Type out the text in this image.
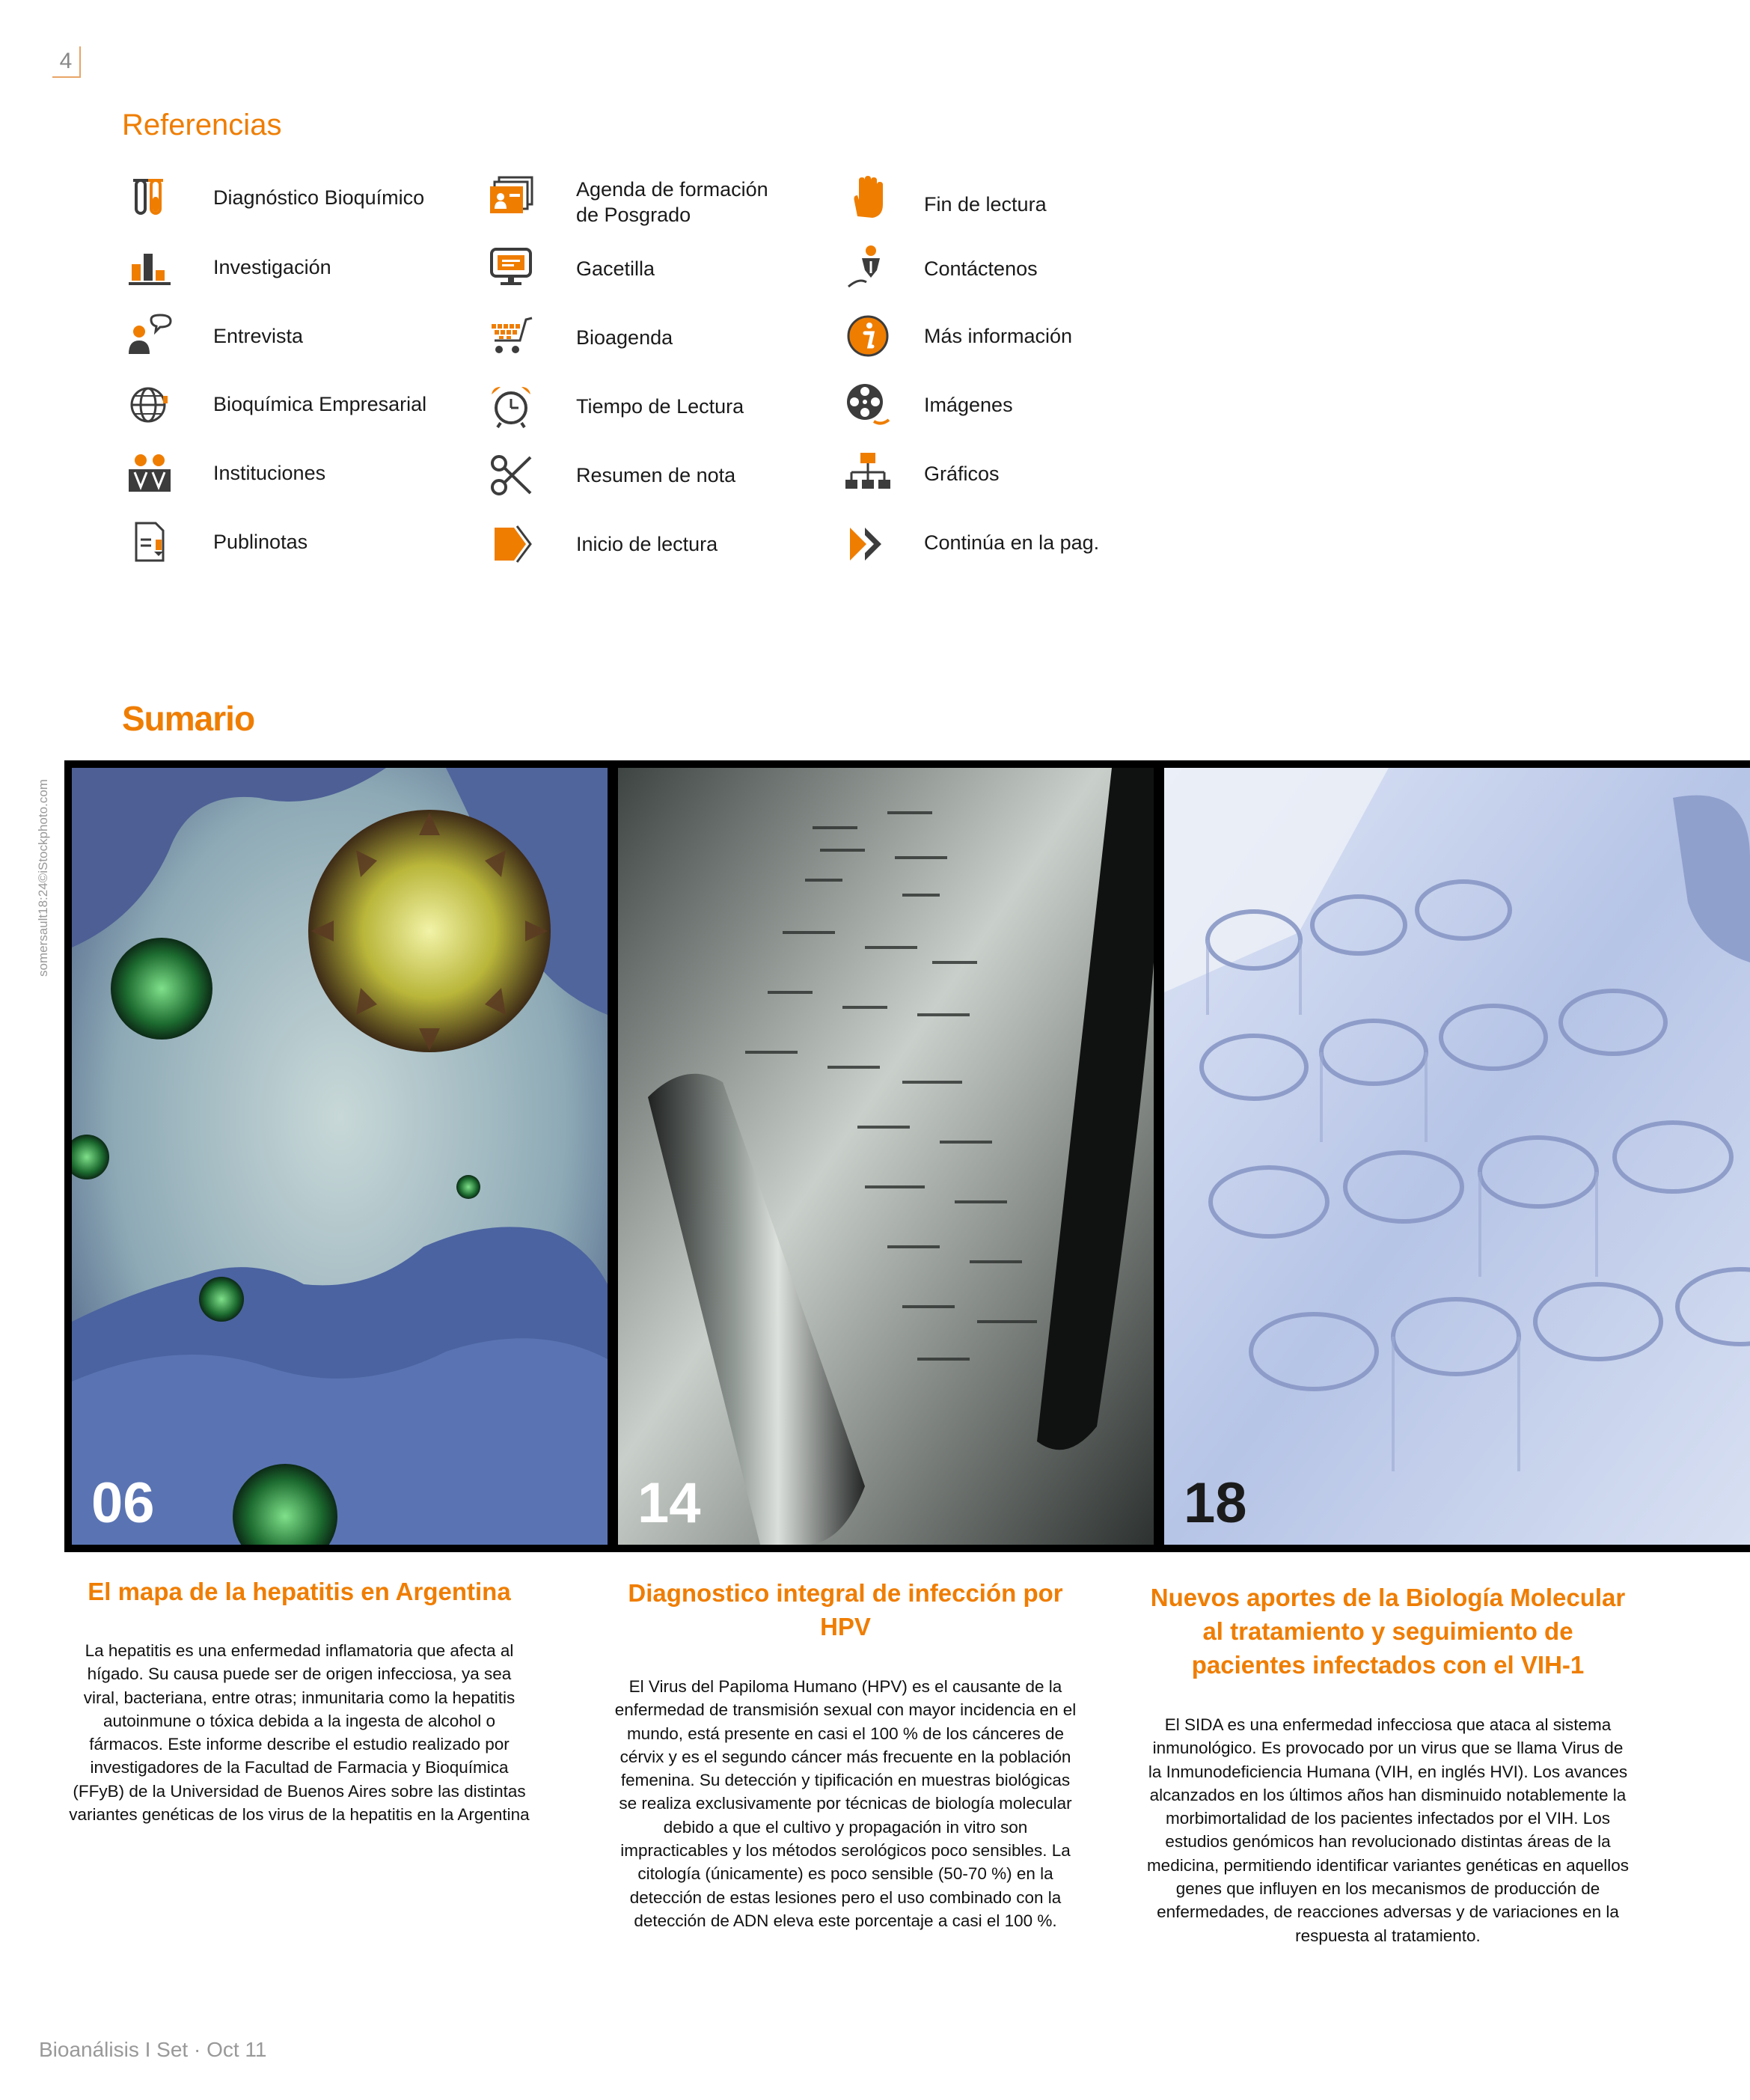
4
Referencias
Diagnóstico Bioquímico
Investigación
Entrevista
Bioquímica Empresarial
Instituciones
Publinotas
Agenda de formación
de Posgrado
Gacetilla
Bioagenda
Tiempo de Lectura
Resumen de nota
Inicio de lectura
Fin de lectura
Contáctenos
Más información
Imágenes
Gráficos
Continúa en la pag.
Sumario
somersault18:24©iStockphoto.com
06	14	18
El mapa de la hepatitis en Argentina
La hepatitis es una enfermedad inflamatoria que afecta al hígado. Su causa puede ser de origen infecciosa, ya sea viral, bacteriana, entre otras; inmunitaria como la hepatitis autoinmune o tóxica debida a la ingesta de alcohol o fármacos. Este informe describe el estudio realizado por investigadores de la Facultad de Farmacia y Bioquímica (FFyB) de la Universidad de Buenos Aires sobre las distintas variantes genéticas de los virus de la hepatitis en la Argentina
Diagnostico integral de infección por HPV
El Virus del Papiloma Humano (HPV) es el causante de la enfermedad de transmisión sexual con mayor incidencia en el mundo, está presente en casi el 100 % de los cánceres de cérvix y es el segundo cáncer más frecuente en la población femenina. Su detección y tipificación en muestras biológicas se realiza exclusivamente por técnicas de biología molecular debido a que el cultivo y propagación in vitro son impracticables y los métodos serológicos poco sensibles. La citología (únicamente) es poco sensible (50-70 %) en la detección de estas lesiones pero el uso combinado con la detección de ADN eleva este porcentaje a casi el 100 %.
Nuevos aportes de la Biología Molecular al tratamiento y seguimiento de pacientes infectados con el VIH-1
El SIDA es una enfermedad infecciosa que ataca al sistema inmunológico. Es provocado por un virus que se llama Virus de la Inmunodeficiencia Humana (VIH, en inglés HVI). Los avances alcanzados en los últimos años han disminuido notablemente la morbimortalidad de los pacientes infectados por el VIH. Los estudios genómicos han revolucionado distintas áreas de la medicina, permitiendo identificar variantes genéticas en aquellos genes que influyen en los mecanismos de producción de enfermedades, de reacciones adversas y de variaciones en la respuesta al tratamiento.
Bioanálisis I Set · Oct 11
